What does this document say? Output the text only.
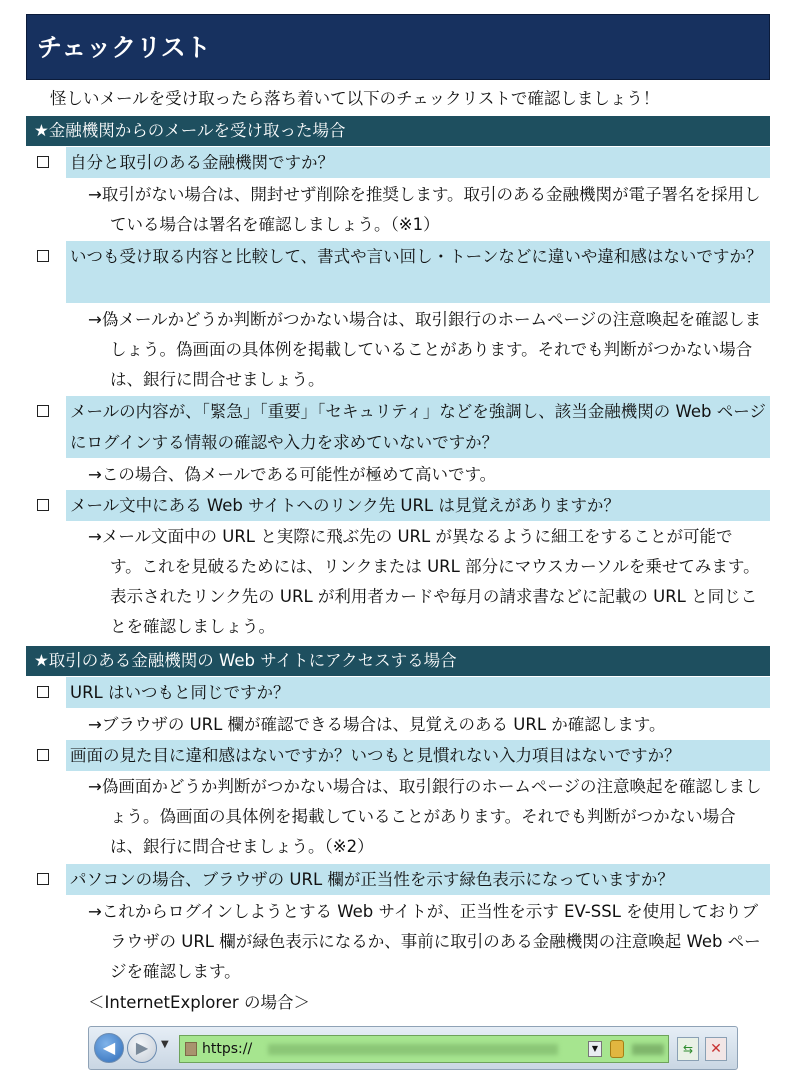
チェックリスト
怪しいメールを受け取ったら落ち着いて以下のチェックリストで確認しましょう！
★金融機関からのメールを受け取った場合
自分と取引のある金融機関ですか？
→取引がない場合は、開封せず削除を推奨します。取引のある金融機関が電子署名を採用している場合は署名を確認しましょう。（※1）
いつも受け取る内容と比較して、書式や言い回し・トーンなどに違いや違和感はないですか？
→偽メールかどうか判断がつかない場合は、取引銀行のホームページの注意喚起を確認しましょう。偽画面の具体例を掲載していることがあります。それでも判断がつかない場合は、銀行に問合せましょう。
メールの内容が、「緊急」「重要」「セキュリティ」などを強調し、該当金融機関の Web ページにログインする情報の確認や入力を求めていないですか？
→この場合、偽メールである可能性が極めて高いです。
メール文中にある Web サイトへのリンク先 URL は見覚えがありますか？
→メール文面中の URL と実際に飛ぶ先の URL が異なるように細工をすることが可能です。これを見破るためには、リンクまたは URL 部分にマウスカーソルを乗せてみます。表示されたリンク先の URL が利用者カードや毎月の請求書などに記載の URL と同じことを確認しましょう。
★取引のある金融機関の Web サイトにアクセスする場合
URL はいつもと同じですか？
→ブラウザの URL 欄が確認できる場合は、見覚えのある URL か確認します。
画面の見た目に違和感はないですか？いつもと見慣れない入力項目はないですか？
→偽画面かどうか判断がつかない場合は、取引銀行のホームページの注意喚起を確認しましょう。偽画面の具体例を掲載していることがあります。それでも判断がつかない場合は、銀行に問合せましょう。（※2）
パソコンの場合、ブラウザの URL 欄が正当性を示す緑色表示になっていますか？
→これからログインしようとする Web サイトが、正当性を示す EV-SSL を使用しておりブラウザの URL 欄が緑色表示になるか、事前に取引のある金融機関の注意喚起 Web ページを確認します。
＜InternetExplorer の場合＞
◀	▶	▼ https://	▼	⇆	✕
